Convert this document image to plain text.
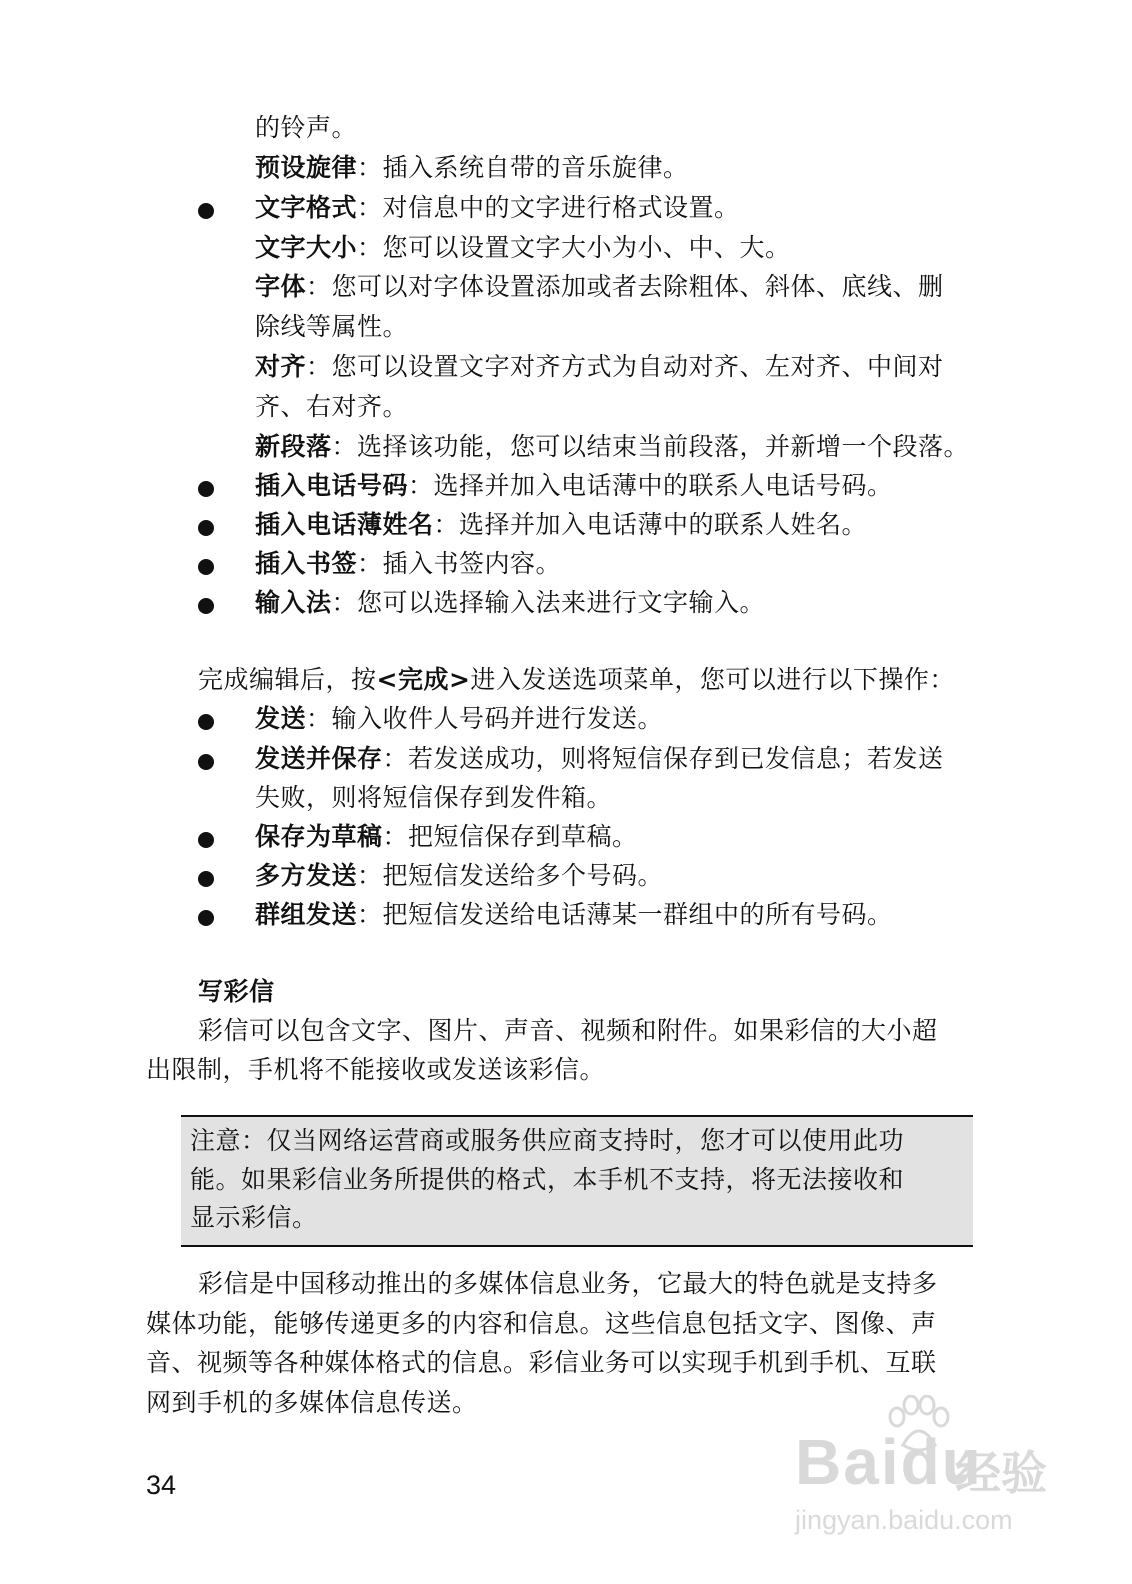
的铃声。
预设旋律：插入系统自带的音乐旋律。
文字格式：对信息中的文字进行格式设置。
文字大小：您可以设置文字大小为小、中、大。
字体：您可以对字体设置添加或者去除粗体、斜体、底线、删
除线等属性。
对齐：您可以设置文字对齐方式为自动对齐、左对齐、中间对
齐、右对齐。
新段落：选择该功能，您可以结束当前段落，并新增一个段落。
插入电话号码：选择并加入电话薄中的联系人电话号码。
插入电话薄姓名：选择并加入电话薄中的联系人姓名。
插入书签：插入书签内容。
输入法：您可以选择输入法来进行文字输入。
完成编辑后，按<完成>进入发送选项菜单，您可以进行以下操作：
发送：输入收件人号码并进行发送。
发送并保存：若发送成功，则将短信保存到已发信息；若发送
失败，则将短信保存到发件箱。
保存为草稿：把短信保存到草稿。
多方发送：把短信发送给多个号码。
群组发送：把短信发送给电话薄某一群组中的所有号码。
写彩信
彩信可以包含文字、图片、声音、视频和附件。如果彩信的大小超
出限制，手机将不能接收或发送该彩信。
注意：仅当网络运营商或服务供应商支持时，您才可以使用此功
能。如果彩信业务所提供的格式，本手机不支持，将无法接收和
显示彩信。
彩信是中国移动推出的多媒体信息业务，它最大的特色就是支持多
媒体功能，能够传递更多的内容和信息。这些信息包括文字、图像、声
音、视频等各种媒体格式的信息。彩信业务可以实现手机到手机、互联
网到手机的多媒体信息传送。
34	Baidu
经验
jingyan.baidu.com
